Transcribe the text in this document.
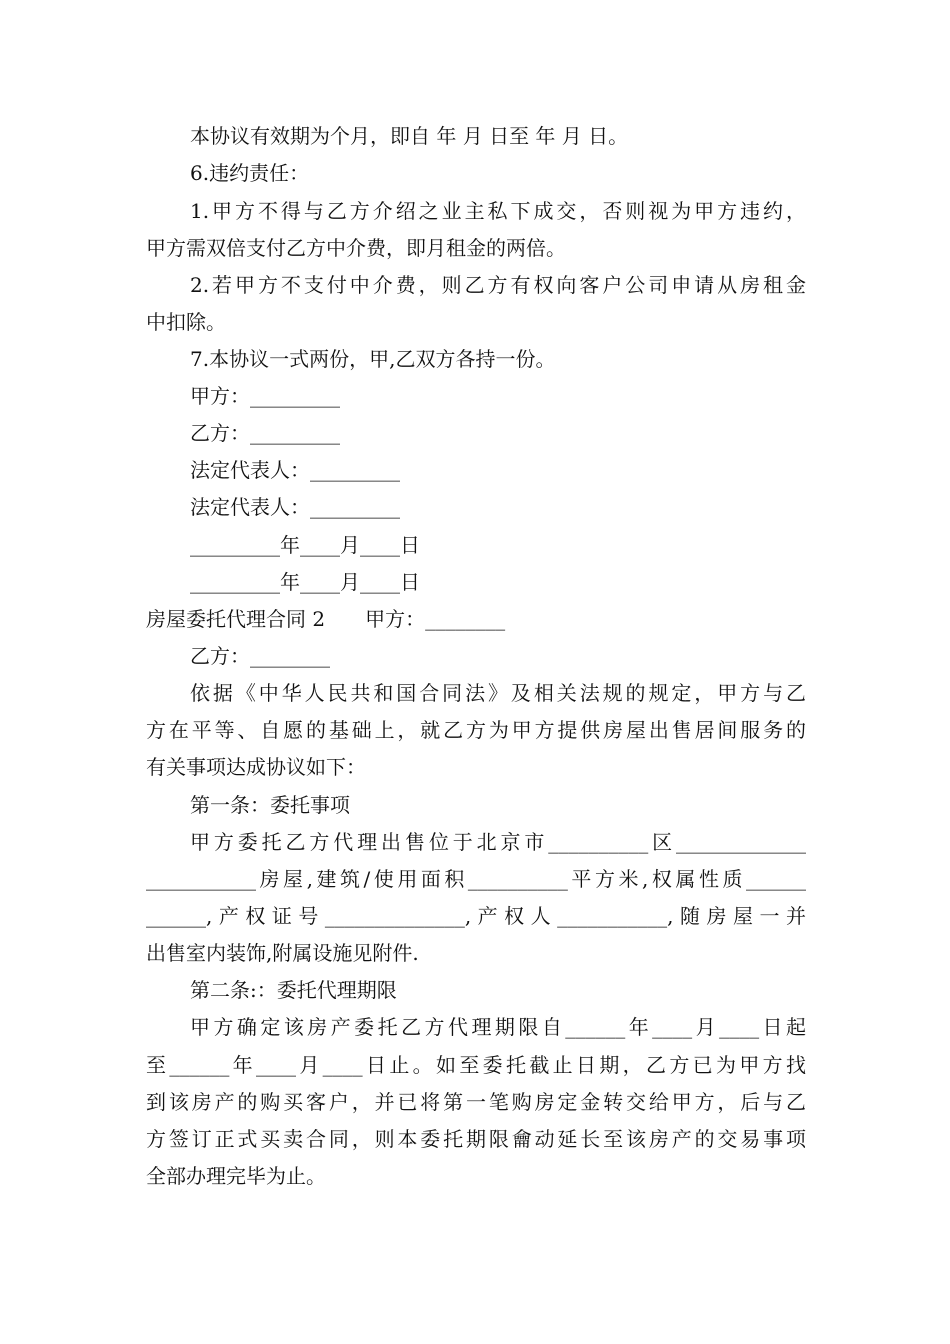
本协议有效期为个月，即自 年 月 日至 年 月 日。
6.违约责任：
1.甲方不得与乙方介绍之业主私下成交，否则视为甲方违约，
甲方需双倍支付乙方中介费，即月租金的两倍。
2.若甲方不支付中介费，则乙方有权向客户公司申请从房租金
中扣除。
7.本协议一式两份，甲,乙双方各持一份。
甲方：_________
乙方：_________
法定代表人：_________
法定代表人：_________
_________年____月____日
_________年____月____日
房屋委托代理合同 2　　甲方：________
乙方：________
依据《中华人民共和国合同法》及相关法规的规定，甲方与乙
方在平等、自愿的基础上，就乙方为甲方提供房屋出售居间服务的
有关事项达成协议如下：
第一条：委托事项
甲方委托乙方代理出售位于北京市__________区_____________
___________房屋,建筑/使用面积__________平方米,权属性质______
______,产权证号______________,产权人___________,随房屋一并
出售室内装饰,附属设施见附件.
第二条:：委托代理期限
甲方确定该房产委托乙方代理期限自______年____月____日起
至______年____月____日止。如至委托截止日期，乙方已为甲方找
到该房产的购买客户，并已将第一笔购房定金转交给甲方，后与乙
方签订正式买卖合同，则本委托期限龠动延长至该房产的交易事项
全部办理完毕为止。
